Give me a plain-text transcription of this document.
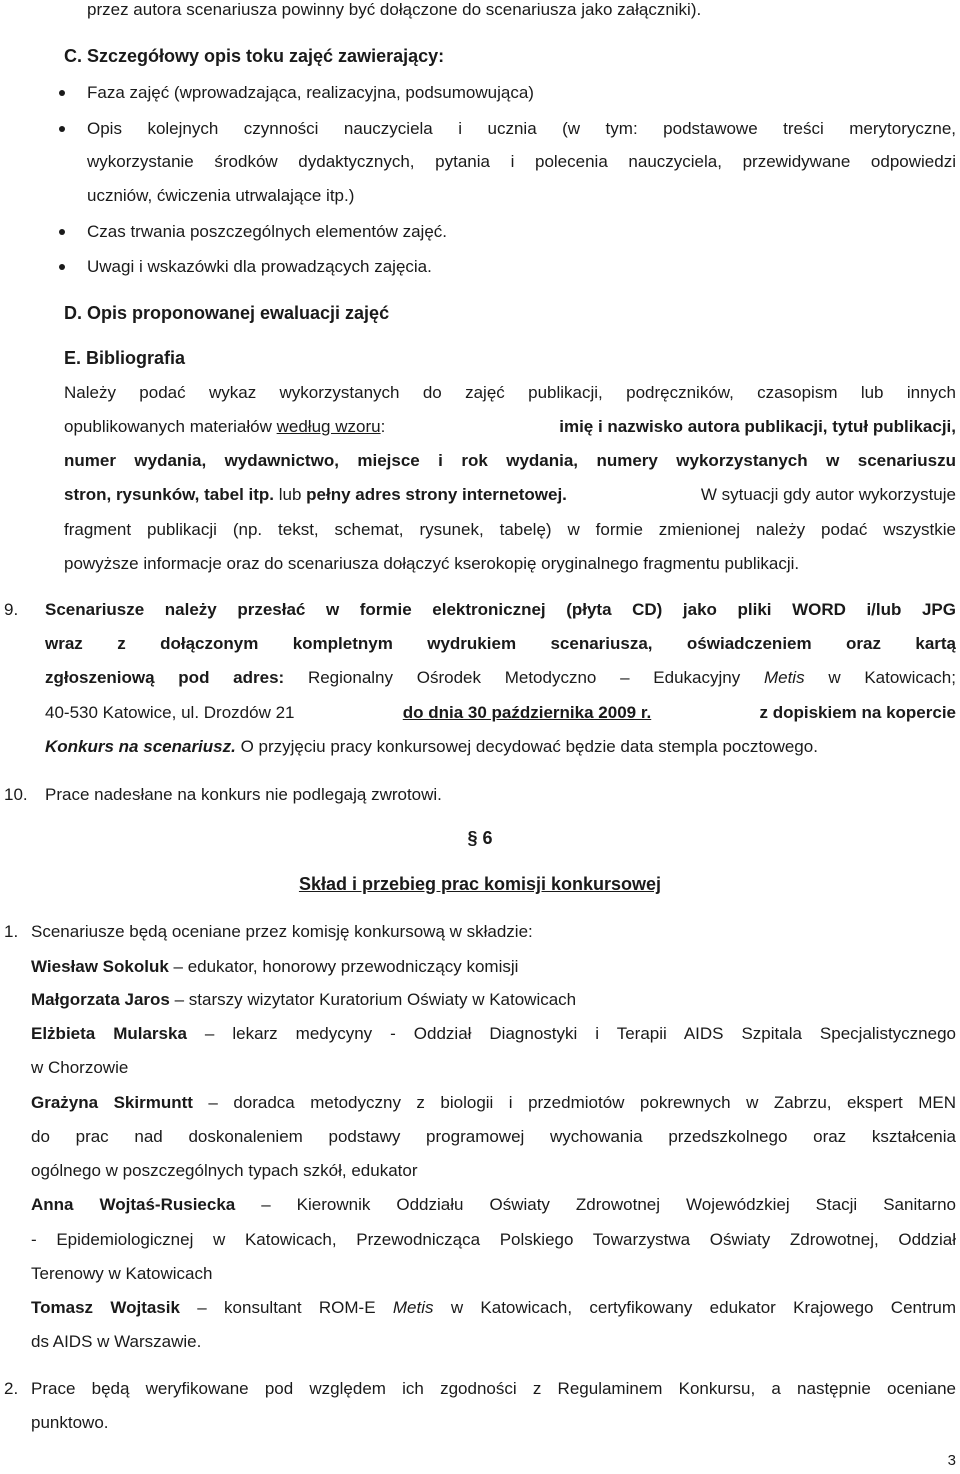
przez autora scenariusza powinny być dołączone do scenariusza jako załączniki).
C. Szczegółowy opis toku zajęć zawierający:
Faza zajęć (wprowadzająca, realizacyjna, podsumowująca)
Opis kolejnych czynności nauczyciela i ucznia (w tym: podstawowe treści merytoryczne,
wykorzystanie środków dydaktycznych, pytania i polecenia nauczyciela, przewidywane odpowiedzi
uczniów, ćwiczenia utrwalające itp.)
Czas trwania poszczególnych elementów zajęć.
Uwagi i wskazówki dla prowadzących zajęcia.
D. Opis proponowanej ewaluacji zajęć
E. Bibliografia
Należy podać wykaz wykorzystanych do zajęć publikacji, podręczników, czasopism lub innych
opublikowanych materiałów według wzoru:	imię i nazwisko autora publikacji, tytuł publikacji,
numer wydania, wydawnictwo, miejsce i rok wydania, numery wykorzystanych w scenariuszu
stron, rysunków, tabel itp. lub pełny adres strony internetowej.	W sytuacji gdy autor wykorzystuje
fragment publikacji (np. tekst, schemat, rysunek, tabelę) w formie zmienionej należy podać wszystkie
powyższe informacje oraz do scenariusza dołączyć kserokopię oryginalnego fragmentu publikacji.
9. Scenariusze należy przesłać w formie elektronicznej (płyta CD) jako pliki WORD i/lub JPG
wraz z dołączonym kompletnym wydrukiem scenariusza, oświadczeniem oraz kartą
zgłoszeniową pod adres: Regionalny Ośrodek Metodyczno – Edukacyjny Metis w Katowicach;
40-530 Katowice, ul. Drozdów 21	do dnia 30 października 2009 r.	z dopiskiem na kopercie
Konkurs na scenariusz. O przyjęciu pracy konkursowej decydować będzie data stempla pocztowego.
10. Prace nadesłane na konkurs nie podlegają zwrotowi.
§ 6
Skład i przebieg prac komisji konkursowej
1. Scenariusze będą oceniane przez komisję konkursową w składzie:
Wiesław Sokoluk – edukator, honorowy przewodniczący komisji
Małgorzata Jaros – starszy wizytator Kuratorium Oświaty w Katowicach
Elżbieta Mularska – lekarz medycyny - Oddział Diagnostyki i Terapii AIDS Szpitala Specjalistycznego
w Chorzowie
Grażyna Skirmuntt – doradca metodyczny z biologii i przedmiotów pokrewnych w Zabrzu, ekspert MEN
do prac nad doskonaleniem podstawy programowej wychowania przedszkolnego oraz kształcenia
ogólnego w poszczególnych typach szkół, edukator
Anna Wojtaś-Rusiecka – Kierownik Oddziału Oświaty Zdrowotnej Wojewódzkiej Stacji Sanitarno
- Epidemiologicznej w Katowicach, Przewodnicząca Polskiego Towarzystwa Oświaty Zdrowotnej, Oddział
Terenowy w Katowicach
Tomasz Wojtasik – konsultant ROM-E Metis w Katowicach, certyfikowany edukator Krajowego Centrum
ds AIDS w Warszawie.
2. Prace będą weryfikowane pod względem ich zgodności z Regulaminem Konkursu, a następnie oceniane
punktowo.
3
